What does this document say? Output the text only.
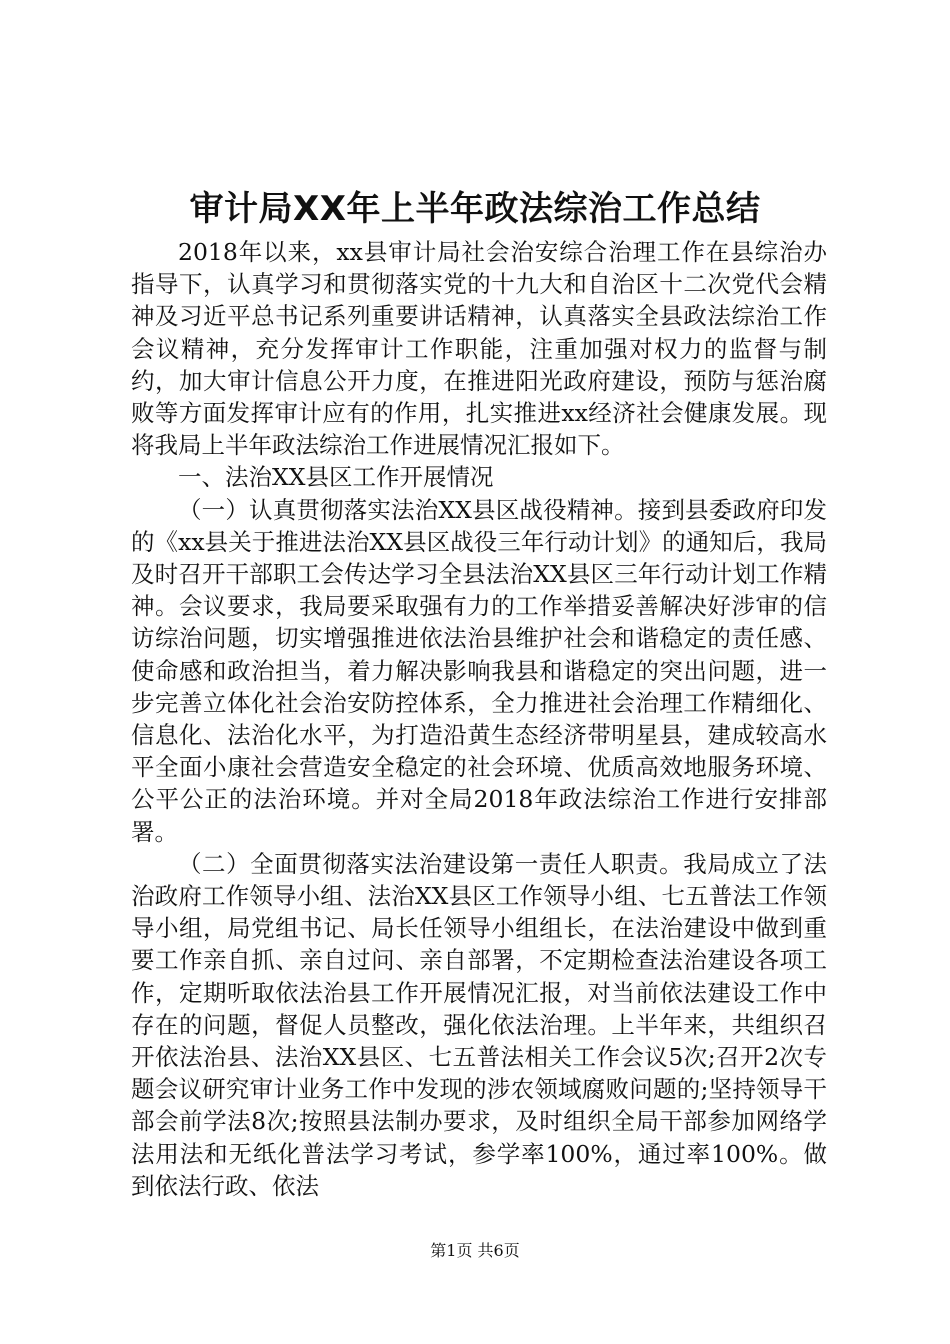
审计局XX年上半年政法综治工作总结

2018年以来，xx县审计局社会治安综合治理工作在县综治办指导下，认真学习和贯彻落实党的十九大和自治区十二次党代会精神及习近平总书记系列重要讲话精神，认真落实全县政法综治工作会议精神，充分发挥审计工作职能，注重加强对权力的监督与制约，加大审计信息公开力度，在推进阳光政府建设，预防与惩治腐败等方面发挥审计应有的作用，扎实推进xx经济社会健康发展。现将我局上半年政法综治工作进展情况汇报如下。

一、法治XX县区工作开展情况

（一）认真贯彻落实法治XX县区战役精神。接到县委政府印发的《xx县关于推进法治XX县区战役三年行动计划》的通知后，我局及时召开干部职工会传达学习全县法治XX县区三年行动计划工作精神。会议要求，我局要采取强有力的工作举措妥善解决好涉审的信访综治问题，切实增强推进依法治县维护社会和谐稳定的责任感、使命感和政治担当，着力解决影响我县和谐稳定的突出问题，进一步完善立体化社会治安防控体系，全力推进社会治理工作精细化、信息化、法治化水平，为打造沿黄生态经济带明星县，建成较高水平全面小康社会营造安全稳定的社会环境、优质高效地服务环境、公平公正的法治环境。并对全局2018年政法综治工作进行安排部署。

（二）全面贯彻落实法治建设第一责任人职责。我局成立了法治政府工作领导小组、法治XX县区工作领导小组、七五普法工作领导小组，局党组书记、局长任领导小组组长，在法治建设中做到重要工作亲自抓、亲自过问、亲自部署，不定期检查法治建设各项工作，定期听取依法治县工作开展情况汇报，对当前依法建设工作中存在的问题，督促人员整改，强化依法治理。上半年来，共组织召开依法治县、法治XX县区、七五普法相关工作会议5次;召开2次专题会议研究审计业务工作中发现的涉农领域腐败问题的;坚持领导干部会前学法8次;按照县法制办要求，及时组织全局干部参加网络学法用法和无纸化普法学习考试，参学率100%，通过率100%。做到依法行政、依法

第1页 共6页
